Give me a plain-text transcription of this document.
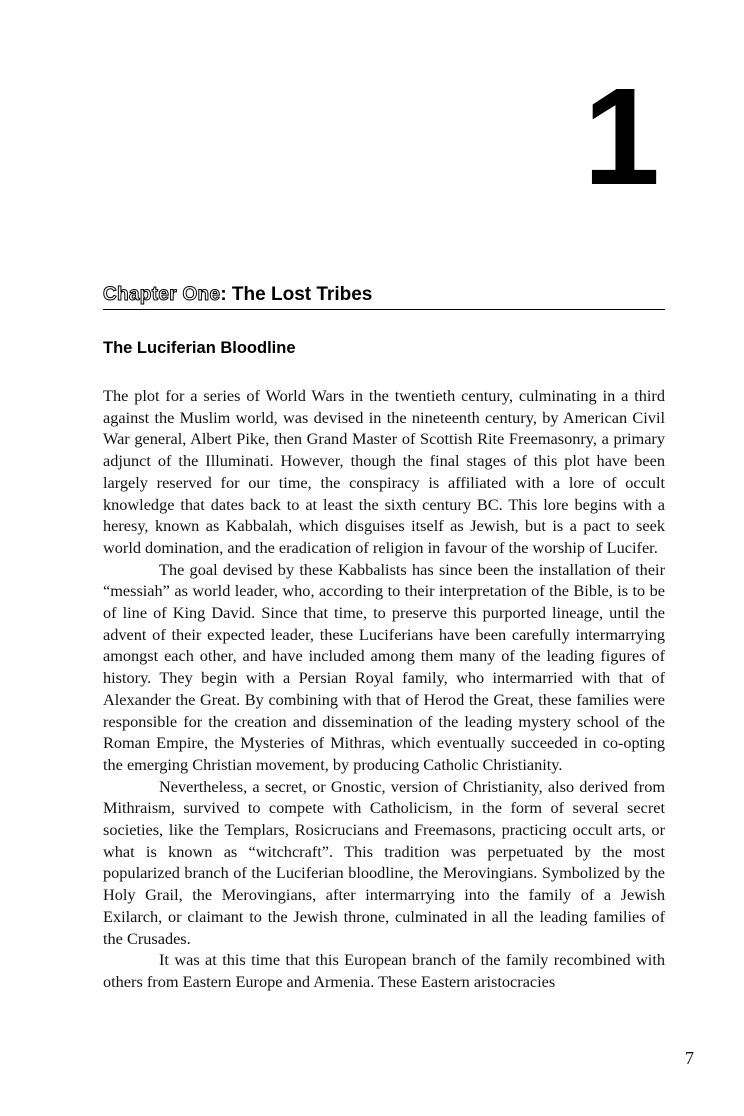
1
Chapter One: The Lost Tribes
The Luciferian Bloodline

The plot for a series of World Wars in the twentieth century, culminating in a third against the Muslim world, was devised in the nineteenth century, by American Civil War general, Albert Pike, then Grand Master of Scottish Rite Freemasonry, a primary adjunct of the Illuminati. However, though the final stages of this plot have been largely reserved for our time, the conspiracy is affiliated with a lore of occult knowledge that dates back to at least the sixth century BC. This lore begins with a heresy, known as Kabbalah, which disguises itself as Jewish, but is a pact to seek world domination, and the eradication of religion in favour of the worship of Lucifer.

The goal devised by these Kabbalists has since been the installation of their “messiah” as world leader, who, according to their interpretation of the Bible, is to be of line of King David. Since that time, to preserve this purported lineage, until the advent of their expected leader, these Luciferians have been carefully intermarrying amongst each other, and have included among them many of the leading figures of history. They begin with a Persian Royal family, who intermarried with that of Alexander the Great. By combining with that of Herod the Great, these families were responsible for the creation and dissemination of the leading mystery school of the Roman Empire, the Mysteries of Mithras, which eventually succeeded in co-opting the emerging Christian movement, by producing Catholic Christianity.

Nevertheless, a secret, or Gnostic, version of Christianity, also derived from Mithraism, survived to compete with Catholicism, in the form of several secret societies, like the Templars, Rosicrucians and Freemasons, practicing occult arts, or what is known as “witchcraft”. This tradition was perpetuated by the most popularized branch of the Luciferian bloodline, the Merovingians. Symbolized by the Holy Grail, the Merovingians, after intermarrying into the family of a Jewish Exilarch, or claimant to the Jewish throne, culminated in all the leading families of the Crusades.

It was at this time that this European branch of the family recombined with others from Eastern Europe and Armenia. These Eastern aristocracies

7
